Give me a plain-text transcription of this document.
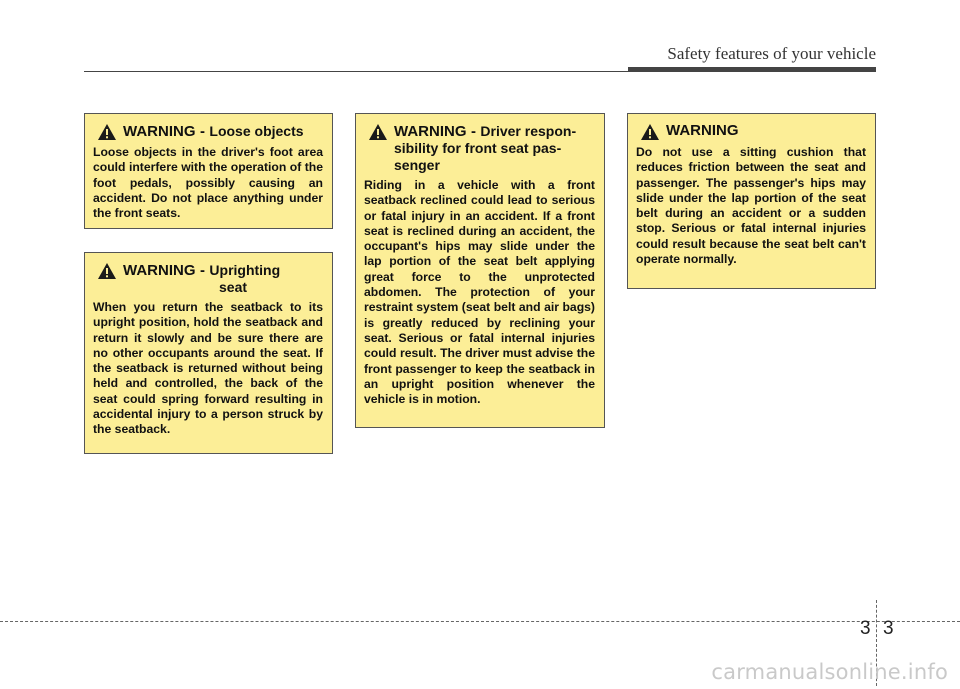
Safety features of your vehicle
WARNING - Loose objects
Loose objects in the driver's foot area could interfere with the operation of the foot pedals, possibly causing an accident. Do not place anything under the front seats.
WARNING - Uprighting
seat
When you return the seatback to its upright position, hold the seatback and return it slowly and be sure there are no other occupants around the seat. If the seatback is returned without being held and controlled, the back of the seat could spring forward resulting in accidental injury to a person struck by the seatback.
WARNING - Driver respon-
sibility for front seat pas-
senger
Riding in a vehicle with a front seatback reclined could lead to serious or fatal injury in an accident. If a front seat is reclined during an accident, the occupant's hips may slide under the lap portion of the seat belt applying great force to the unprotected abdomen. The protection of your restraint system (seat belt and air bags) is greatly reduced by reclining your seat. Serious or fatal internal injuries could result. The driver must advise the front passenger to keep the seatback in an upright position whenever the vehicle is in motion.
WARNING
Do not use a sitting cushion that reduces friction between the seat and passenger. The passenger's hips may slide under the lap portion of the seat belt during an accident or a sudden stop. Serious or fatal internal injuries could result because the seat belt can't operate normally.
3 3
carmanualsonline.info
